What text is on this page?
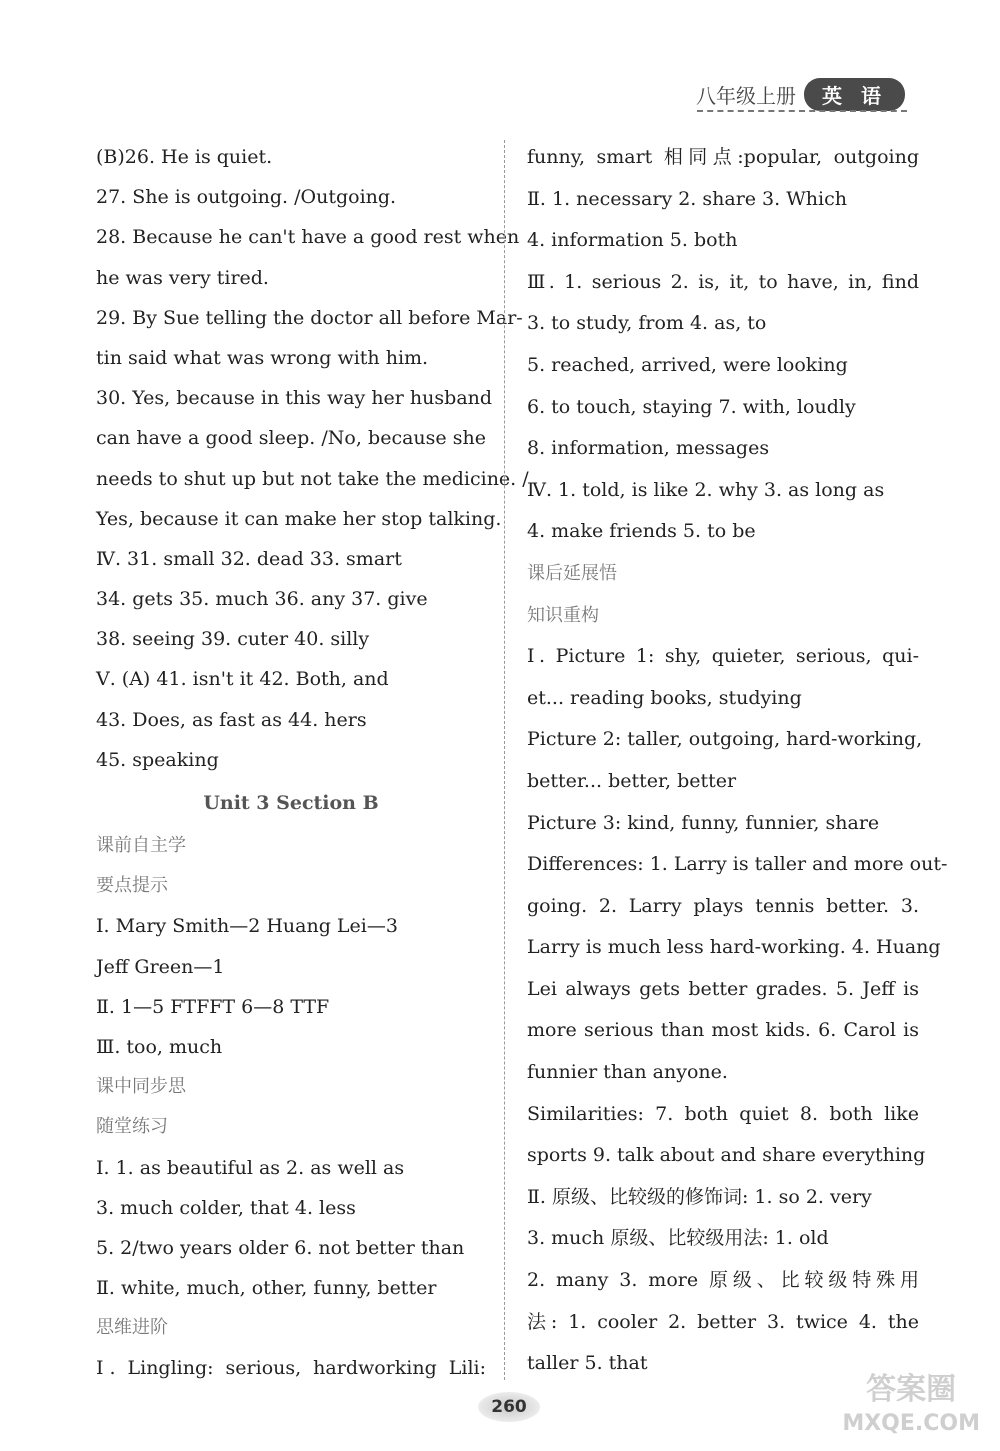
八年级上册	英 语
(B)26. He is quiet.
27. She is outgoing. /Outgoing.
28. Because he can't have a good rest when
he was very tired.
29. By Sue telling the doctor all before Mar-
tin said what was wrong with him.
30. Yes, because in this way her husband
can have a good sleep. /No, because she
needs to shut up but not take the medicine. /
Yes, because it can make her stop talking.
Ⅳ. 31. small 32. dead 33. smart
34. gets 35. much 36. any 37. give
38. seeing 39. cuter 40. silly
Ⅴ. (A) 41. isn't it 42. Both, and
43. Does, as fast as 44. hers
45. speaking
Unit 3 Section B
课前自主学
要点提示
Ⅰ. Mary Smith—2 Huang Lei—3
Jeff Green—1
Ⅱ. 1—5 FTFFT 6—8 TTF
Ⅲ. too, much
课中同步思
随堂练习
Ⅰ. 1. as beautiful as 2. as well as
3. much colder, that 4. less
5. 2/two years older 6. not better than
Ⅱ. white, much, other, funny, better
思维进阶
Ⅰ. Lingling: serious, hardworking Lili:
funny, smart 相同点:popular, outgoing
Ⅱ. 1. necessary 2. share 3. Which
4. information 5. both
Ⅲ. 1. serious 2. is, it, to have, in, find
3. to study, from 4. as, to
5. reached, arrived, were looking
6. to touch, staying 7. with, loudly
8. information, messages
Ⅳ. 1. told, is like 2. why 3. as long as
4. make friends 5. to be
课后延展悟
知识重构
Ⅰ. Picture 1: shy, quieter, serious, qui-
et... reading books, studying
Picture 2: taller, outgoing, hard-working,
better... better, better
Picture 3: kind, funny, funnier, share
Differences: 1. Larry is taller and more out-
going. 2. Larry plays tennis better. 3.
Larry is much less hard-working. 4. Huang
Lei always gets better grades. 5. Jeff is
more serious than most kids. 6. Carol is
funnier than anyone.
Similarities: 7. both quiet 8. both like
sports 9. talk about and share everything
Ⅱ. 原级、比较级的修饰词: 1. so 2. very
3. much 原级、比较级用法: 1. old
2. many 3. more 原级、比较级特殊用
法: 1. cooler 2. better 3. twice 4. the
taller 5. that
260	答案圈
MXQE.COM
